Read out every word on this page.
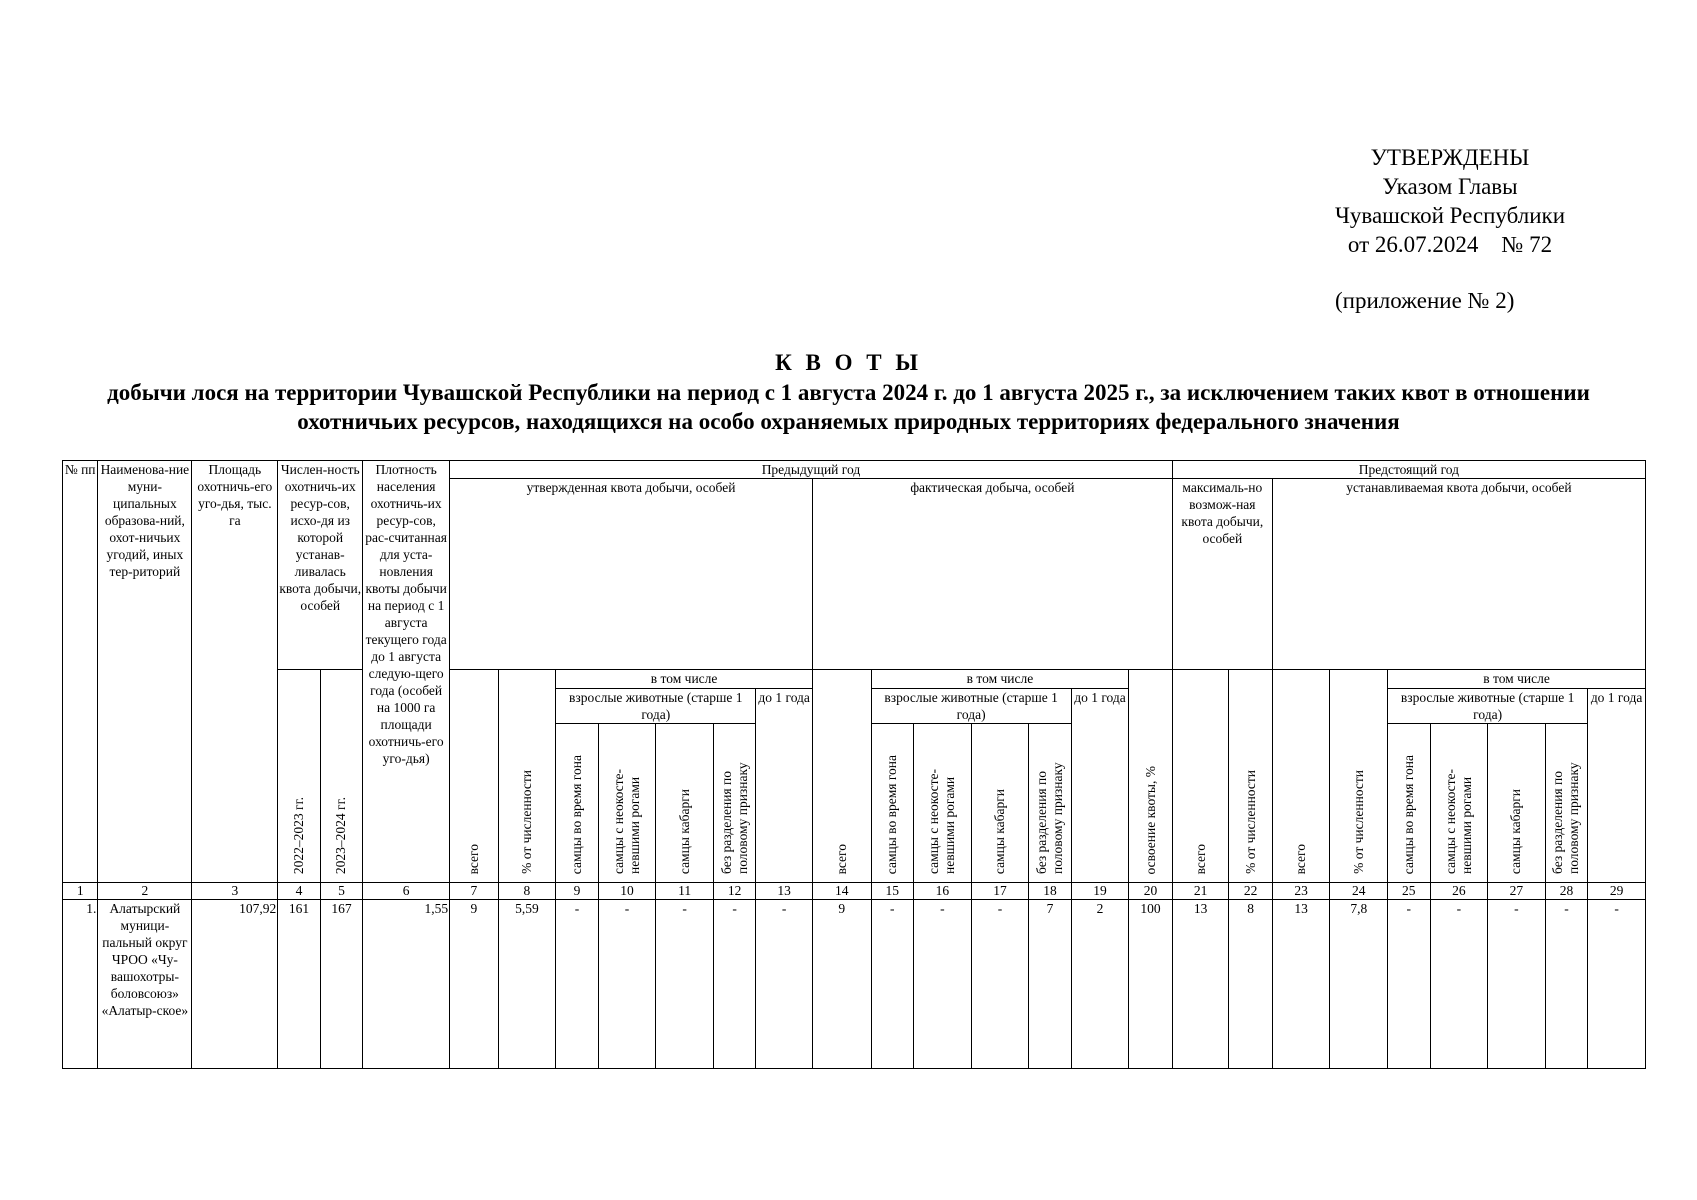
УТВЕРЖДЕНЫ
Указом Главы
Чувашской Республики
от 26.07.2024    № 72
(приложение № 2)
К В О Т Ы
добычи лося на территории Чувашской Республики на период с 1 августа 2024 г. до 1 августа 2025 г., за исключением таких квот в отношении охотничьих ресурсов, находящихся на особо охраняемых природных территориях федерального значения
№ пп	Наименова-ние муни-ципальных образова-ний, охот-ничьих угодий, иных тер-риторий	Площадь охотничь-его уго-дья, тыс. га	Числен-ность охотничь-их ресур-сов, исхо-дя из которой устанав-ливалась квота добычи, особей		Плотность населения охотничь-их ресур-сов, рас-считанная для уста-новления квоты добычи на период с 1 августа текущего года до 1 августа следую-щего года (особей на 1000 га площади охотничь-его уго-дья)	Предыдущий год														Предстоящий год								
						утвержденная квота добычи, особей							фактическая добыча, особей							максималь-но возмож-ная квота добычи, особей		устанавливаемая квота добычи, особей						
			2022–2023 гг.	2023–2024 гг.		всего	% от численности	в том числе					всего	в том числе					освоение квоты, %	всего	% от численности	всего	% от численности	в том числе				
								взрослые животные (старше 1 года)				до 1 года		взрослые животные (старше 1 года)				до 1 года						взрослые животные (старше 1 года)				до 1 года
								самцы во время гона	самцы с неокосте-невшими рогами	самцы кабарги	без разделения по половому признаку			самцы во время гона	самцы с неокосте-невшими рогами	самцы кабарги	без разделения по половому признаку							самцы во время гона	самцы с неокосте-невшими рогами	самцы кабарги	без разделения по половому признаку	
1	2	3	4	5	6	7	8	9	10	11	12	13	14	15	16	17	18	19	20	21	22	23	24	25	26	27	28	29
1.	Алатырский муници-пальный округ ЧРОО «Чу-вашохотры-боловсоюз» «Алатыр-ское»	107,92	161	167	1,55	9	5,59	-	-	-	-	-	9	-	-	-	7	2	100	13	8	13	7,8	-	-	-	-	-
